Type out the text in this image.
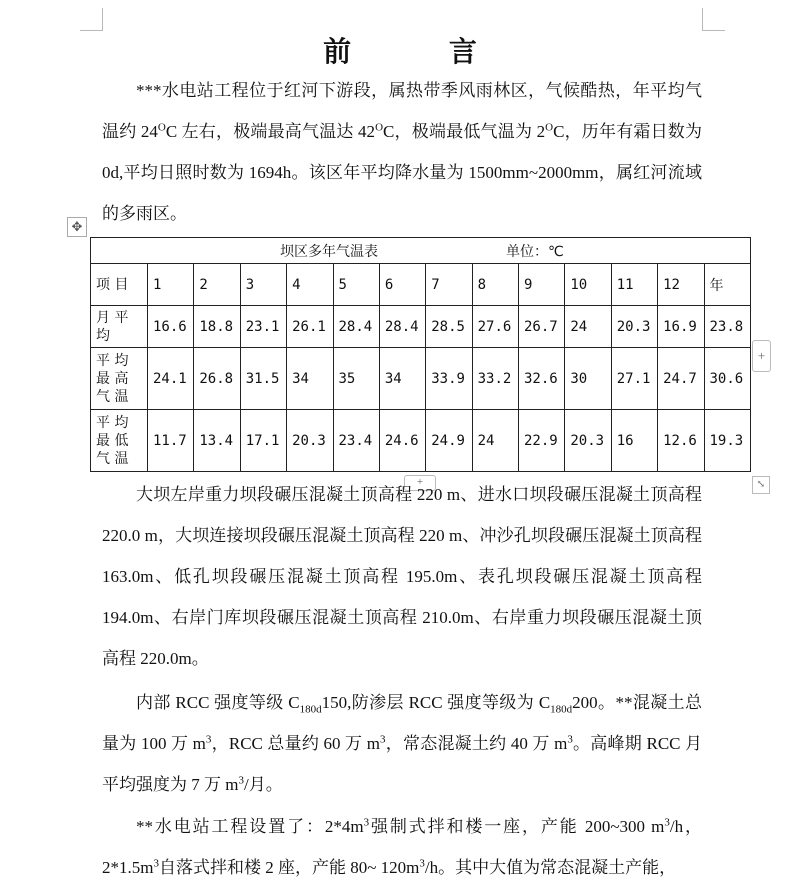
前 言

***水电站工程位于红河下游段，属热带季风雨林区，气候酷热，年平均气温约 $24^OC$ 左右，极端最高气温达 $42^OC$，极端最低气温为 $2^OC$，历年有霜日数为 0d,平均日照时数为 1694h。该区年平均降水量为 1500mm~2000mm，属红河流域的多雨区。

✥
坝区多年气温表 单位：℃													
项 目	1	2	3	4	5	6	7	8	9	10	11	12	年
月 平 均	16.6	18.8	23.1	26.1	28.4	28.4	28.5	27.6	26.7	24	20.3	16.9	23.8
平 均 最 高 气 温	24.1	26.8	31.5	34	35	34	33.9	33.2	32.6	30	27.1	24.7	30.6
平 均 最 低 气 温	11.7	13.4	17.1	20.3	23.4	24.6	24.9	24	22.9	20.3	16	12.6	19.3
+
+	⤡

大坝左岸重力坝段碾压混凝土顶高程 220 m、进水口坝段碾压混凝土顶高程 220.0 m，大坝连接坝段碾压混凝土顶高程 220 m、冲沙孔坝段碾压混凝土顶高程 163.0m、低孔坝段碾压混凝土顶高程 195.0m、表孔坝段碾压混凝土顶高程 194.0m、右岸门库坝段碾压混凝土顶高程 210.0m、右岸重力坝段碾压混凝土顶高程 220.0m。

内部 RCC 强度等级 $C_{180d}150$,防渗层 RCC 强度等级为 $C_{180d}200$。**混凝土总量为 100 万 $m^3$，RCC 总量约 60 万 $m^3$，常态混凝土约 40 万 $m^3$。高峰期 RCC 月平均强度为 7 万 $m^3/$月。

**水电站工程设置了：$2*4m^3$强制式拌和楼一座，产能 200~300 $m^3/h$，$2*1.5m^3$自落式拌和楼 2 座，产能 80~ $120m^3/h$。其中大值为常态混凝土产能，
